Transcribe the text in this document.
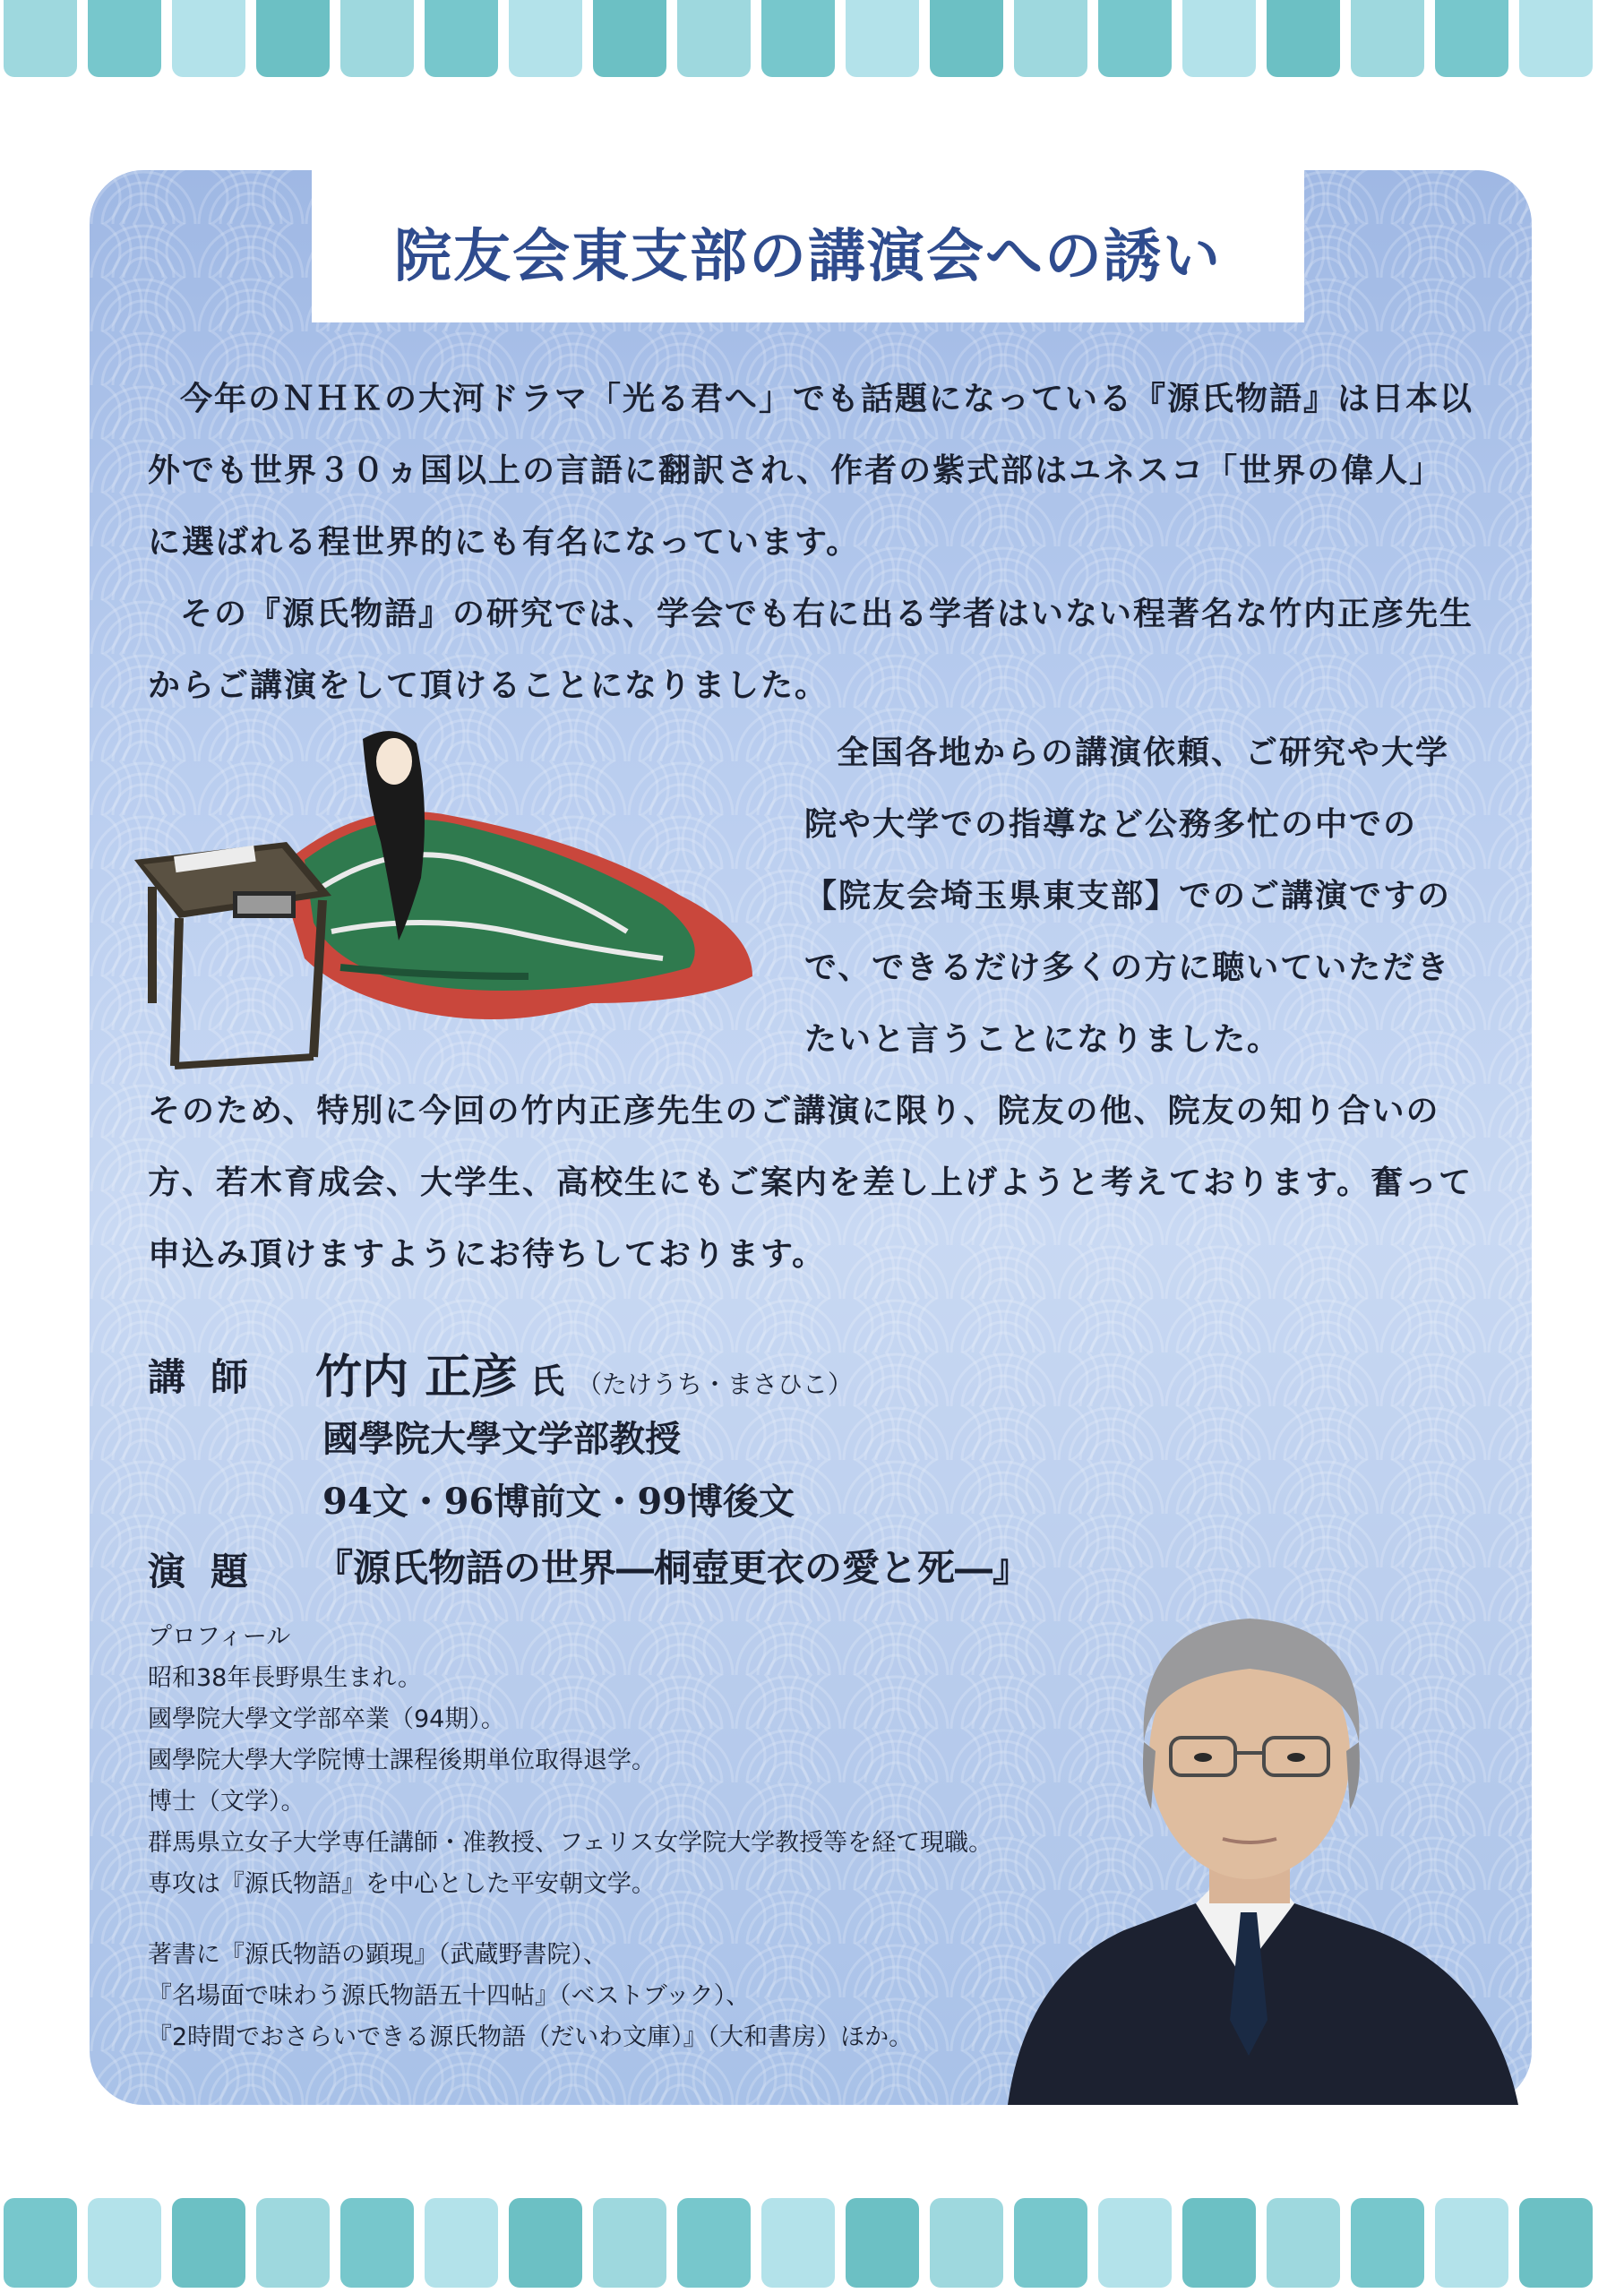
院友会東支部の講演会への誘い
今年のＮＨＫの大河ドラマ「光る君へ」でも話題になっている『源氏物語』は日本以外でも世界３０ヵ国以上の言語に翻訳され、作者の紫式部はユネスコ「世界の偉人」に選ばれる程世界的にも有名になっています。
その『源氏物語』の研究では、学会でも右に出る学者はいない程著名な竹内正彦先生からご講演をして頂けることになりました。
全国各地からの講演依頼、ご研究や大学院や大学での指導など公務多忙の中での【院友会埼玉県東支部】でのご講演ですので、できるだけ多くの方に聴いていただきたいと言うことになりました。
そのため、特別に今回の竹内正彦先生のご講演に限り、院友の他、院友の知り合いの方、若木育成会、大学生、高校生にもご案内を差し上げようと考えております。奮って申込み頂けますようにお待ちしております。
講師 竹内 正彦 氏 （たけうち・まさひこ）
國學院大學文学部教授
94文・96博前文・99博後文
演題 『源氏物語の世界―桐壺更衣の愛と死―』
プロフィール
昭和38年長野県生まれ。
國學院大學文学部卒業（94期）。
國學院大學大学院博士課程後期単位取得退学。
博士（文学）。
群馬県立女子大学専任講師・准教授、フェリス女学院大学教授等を経て現職。
専攻は『源氏物語』を中心とした平安朝文学。
著書に『源氏物語の顕現』（武蔵野書院）、
『名場面で味わう源氏物語五十四帖』（ベストブック）、
『2時間でおさらいできる源氏物語（だいわ文庫）』（大和書房）ほか。
